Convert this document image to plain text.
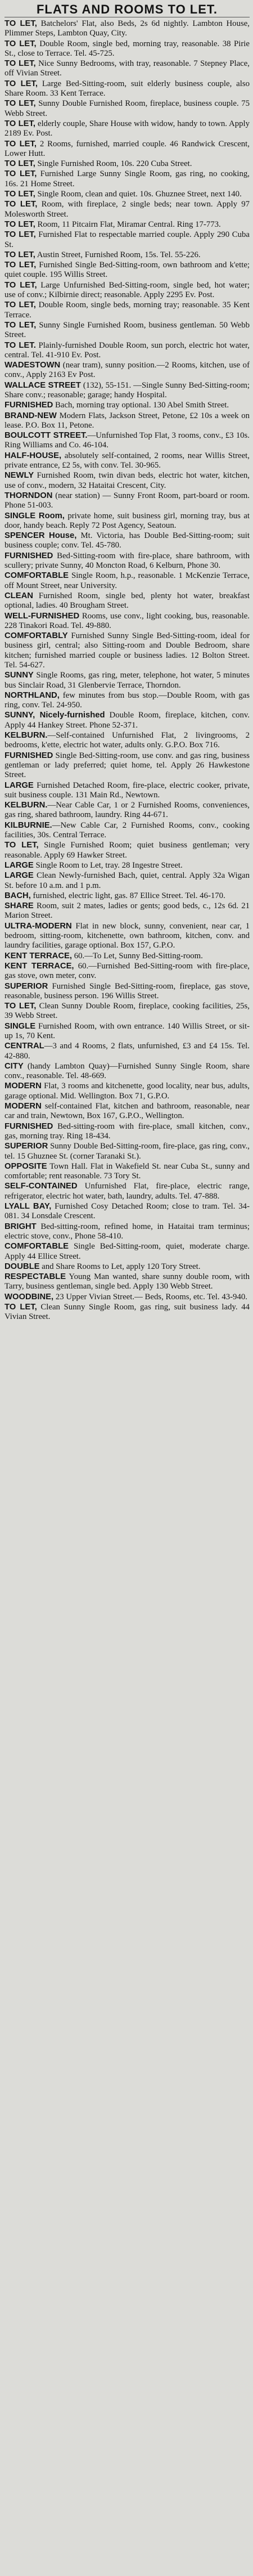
FLATS AND ROOMS TO LET.

TO LET, Batchelors' Flat, also Beds, 2s 6d nightly. Lambton House, Plimmer Steps, Lambton Quay, City.

TO LET, Double Room, single bed, morning tray, reasonable. 38 Pirie St., close to Terrace. Tel. 45-725.

TO LET, Nice Sunny Bedrooms, with tray, reasonable. 7 Stepney Place, off Vivian Street.

TO LET, Large Bed-Sitting-room, suit elderly business couple, also Share Room. 33 Kent Terrace.

TO LET, Sunny Double Furnished Room, fireplace, business couple. 75 Webb Street.

TO LET, elderly couple, Share House with widow, handy to town. Apply 2189 Ev. Post.

TO LET, 2 Rooms, furnished, married couple. 46 Randwick Crescent, Lower Hutt.

TO LET, Single Furnished Room, 10s. 220 Cuba Street.

TO LET, Furnished Large Sunny Single Room, gas ring, no cooking, 16s. 21 Home Street.

TO LET, Single Room, clean and quiet. 10s. Ghuznee Street, next 140.

TO LET, Room, with fireplace, 2 single beds; near town. Apply 97 Molesworth Street.

TO LET, Room, 11 Pitcairn Flat, Miramar Central. Ring 17-773.

TO LET, Furnished Flat to respectable married couple. Apply 290 Cuba St.

TO LET, Austin Street, Furnished Room, 15s. Tel. 55-226.

TO LET, Furnished Single Bed-Sitting-room, own bathroom and k'ette; quiet couple. 195 Willis Street.

TO LET, Large Unfurnished Bed-Sitting-room, single bed, hot water; use of conv.; Kilbirnie direct; reasonable. Apply 2295 Ev. Post.

TO LET, Double Room, single beds, morning tray; reasonable. 35 Kent Terrace.

TO LET, Sunny Single Furnished Room, business gentleman. 50 Webb Street.

TO LET. Plainly-furnished Double Room, sun porch, electric hot water, central. Tel. 41-910 Ev. Post.

WADESTOWN (near tram), sunny position.—2 Rooms, kitchen, use of conv., Apply 2163 Ev Post.

WALLACE STREET (132), 55-151. —Single Sunny Bed-Sitting-room; Share conv.; reasonable; garage; handy Hospital.

FURNISHED Bach, morning tray optional. 130 Abel Smith Street.

BRAND-NEW Modern Flats, Jackson Street, Petone, £2 10s a week on lease. P.O. Box 11, Petone.

BOULCOTT STREET.—Unfurnished Top Flat, 3 rooms, conv., £3 10s. Ring Williams and Co. 46-104.

HALF-HOUSE, absolutely self-contained, 2 rooms, near Willis Street, private entrance, £2 5s, with conv. Tel. 30-965.

NEWLY Furnished Room, twin divan beds, electric hot water, kitchen, use of conv., modern, 32 Hataitai Crescent, City.

THORNDON (near station) — Sunny Front Room, part-board or room. Phone 51-003.

SINGLE Room, private home, suit business girl, morning tray, bus at door, handy beach. Reply 72 Post Agency, Seatoun.

SPENCER House, Mt. Victoria, has Double Bed-Sitting-room; suit business couple; conv. Tel. 45-780.

FURNISHED Bed-Sitting-room with fire-place, share bathroom, with scullery; private Sunny, 40 Moncton Road, 6 Kelburn, Phone 30.

COMFORTABLE Single Room, h.p., reasonable. 1 McKenzie Terrace, off Mount Street, near University.

CLEAN Furnished Room, single bed, plenty hot water, breakfast optional, ladies. 40 Brougham Street.

WELL-FURNISHED Rooms, use conv., light cooking, bus, reasonable. 228 Tinakori Road. Tel. 49-880.

COMFORTABLY Furnished Sunny Single Bed-Sitting-room, ideal for business girl, central; also Sitting-room and Double Bedroom, share kitchen; furnished married couple or business ladies. 12 Bolton Street. Tel. 54-627.

SUNNY Single Rooms, gas ring, meter, telephone, hot water, 5 minutes bus Sinclair Road, 31 Glenbervie Terrace, Thorndon.

NORTHLAND, few minutes from bus stop.—Double Room, with gas ring, conv. Tel. 24-950.

SUNNY, Nicely-furnished Double Room, fireplace, kitchen, conv. Apply 44 Hankey Street. Phone 52-371.

KELBURN.—Self-contained Unfurnished Flat, 2 livingrooms, 2 bedrooms, k'ette, electric hot water, adults only. G.P.O. Box 716.

FURNISHED Single Bed-Sitting-room, use conv. and gas ring, business gentleman or lady preferred; quiet home, tel. Apply 26 Hawkestone Street.

LARGE Furnished Detached Room, fire-place, electric cooker, private, suit business couple. 131 Main Rd., Newtown.

KELBURN.—Near Cable Car, 1 or 2 Furnished Rooms, conveniences, gas ring, shared bathroom, laundry. Ring 44-671.

KILBURNIE.—New Cable Car, 2 Furnished Rooms, conv., cooking facilities, 30s. Central Terrace.

TO LET, Single Furnished Room; quiet business gentleman; very reasonable. Apply 69 Hawker Street.

LARGE Single Room to Let, tray. 28 Ingestre Street.

LARGE Clean Newly-furnished Bach, quiet, central. Apply 32a Wigan St. before 10 a.m. and 1 p.m.

BACH, furnished, electric light, gas. 87 Ellice Street. Tel. 46-170.

SHARE Room, suit 2 mates, ladies or gents; good beds, c., 12s 6d. 21 Marion Street.

ULTRA-MODERN Flat in new block, sunny, convenient, near car, 1 bedroom, sitting-room, kitchenette, own bathroom, kitchen, conv. and laundry facilities, garage optional. Box 157, G.P.O.

KENT TERRACE, 60.—To Let, Sunny Bed-Sitting-room.

KENT TERRACE, 60.—Furnished Bed-Sitting-room with fire-place, gas stove, own meter, conv.

SUPERIOR Furnished Single Bed-Sitting-room, fireplace, gas stove, reasonable, business person. 196 Willis Street.

TO LET, Clean Sunny Double Room, fireplace, cooking facilities, 25s, 39 Webb Street.

SINGLE Furnished Room, with own entrance. 140 Willis Street, or sit-up 1s, 70 Kent.

CENTRAL—3 and 4 Rooms, 2 flats, unfurnished, £3 and £4 15s. Tel. 42-880.

CITY (handy Lambton Quay)—Furnished Sunny Single Room, share conv., reasonable. Tel. 48-669.

MODERN Flat, 3 rooms and kitchenette, good locality, near bus, adults, garage optional. Mid. Wellington. Box 71, G.P.O.

MODERN self-contained Flat, kitchen and bathroom, reasonable, near car and train, Newtown, Box 167, G.P.O., Wellington.

FURNISHED Bed-sitting-room with fire-place, small kitchen, conv., gas, morning tray. Ring 18-434.

SUPERIOR Sunny Double Bed-Sitting-room, fire-place, gas ring, conv., tel. 15 Ghuznee St. (corner Taranaki St.).

OPPOSITE Town Hall. Flat in Wakefield St. near Cuba St., sunny and comfortable; rent reasonable. 73 Tory St.

SELF-CONTAINED Unfurnished Flat, fire-place, electric range, refrigerator, electric hot water, bath, laundry, adults. Tel. 47-888.

LYALL BAY, Furnished Cosy Detached Room; close to tram. Tel. 34-081. 34 Lonsdale Crescent.

BRIGHT Bed-sitting-room, refined home, in Hataitai tram terminus; electric stove, conv., Phone 58-410.

COMFORTABLE Single Bed-Sitting-room, quiet, moderate charge. Apply 44 Ellice Street.

DOUBLE and Share Rooms to Let, apply 120 Tory Street.

RESPECTABLE Young Man wanted, share sunny double room, with Tarry, business gentleman, single bed. Apply 130 Webb Street.

WOODBINE, 23 Upper Vivian Street.— Beds, Rooms, etc. Tel. 43-940.

TO LET, Clean Sunny Single Room, gas ring, suit business lady. 44 Vivian Street.
